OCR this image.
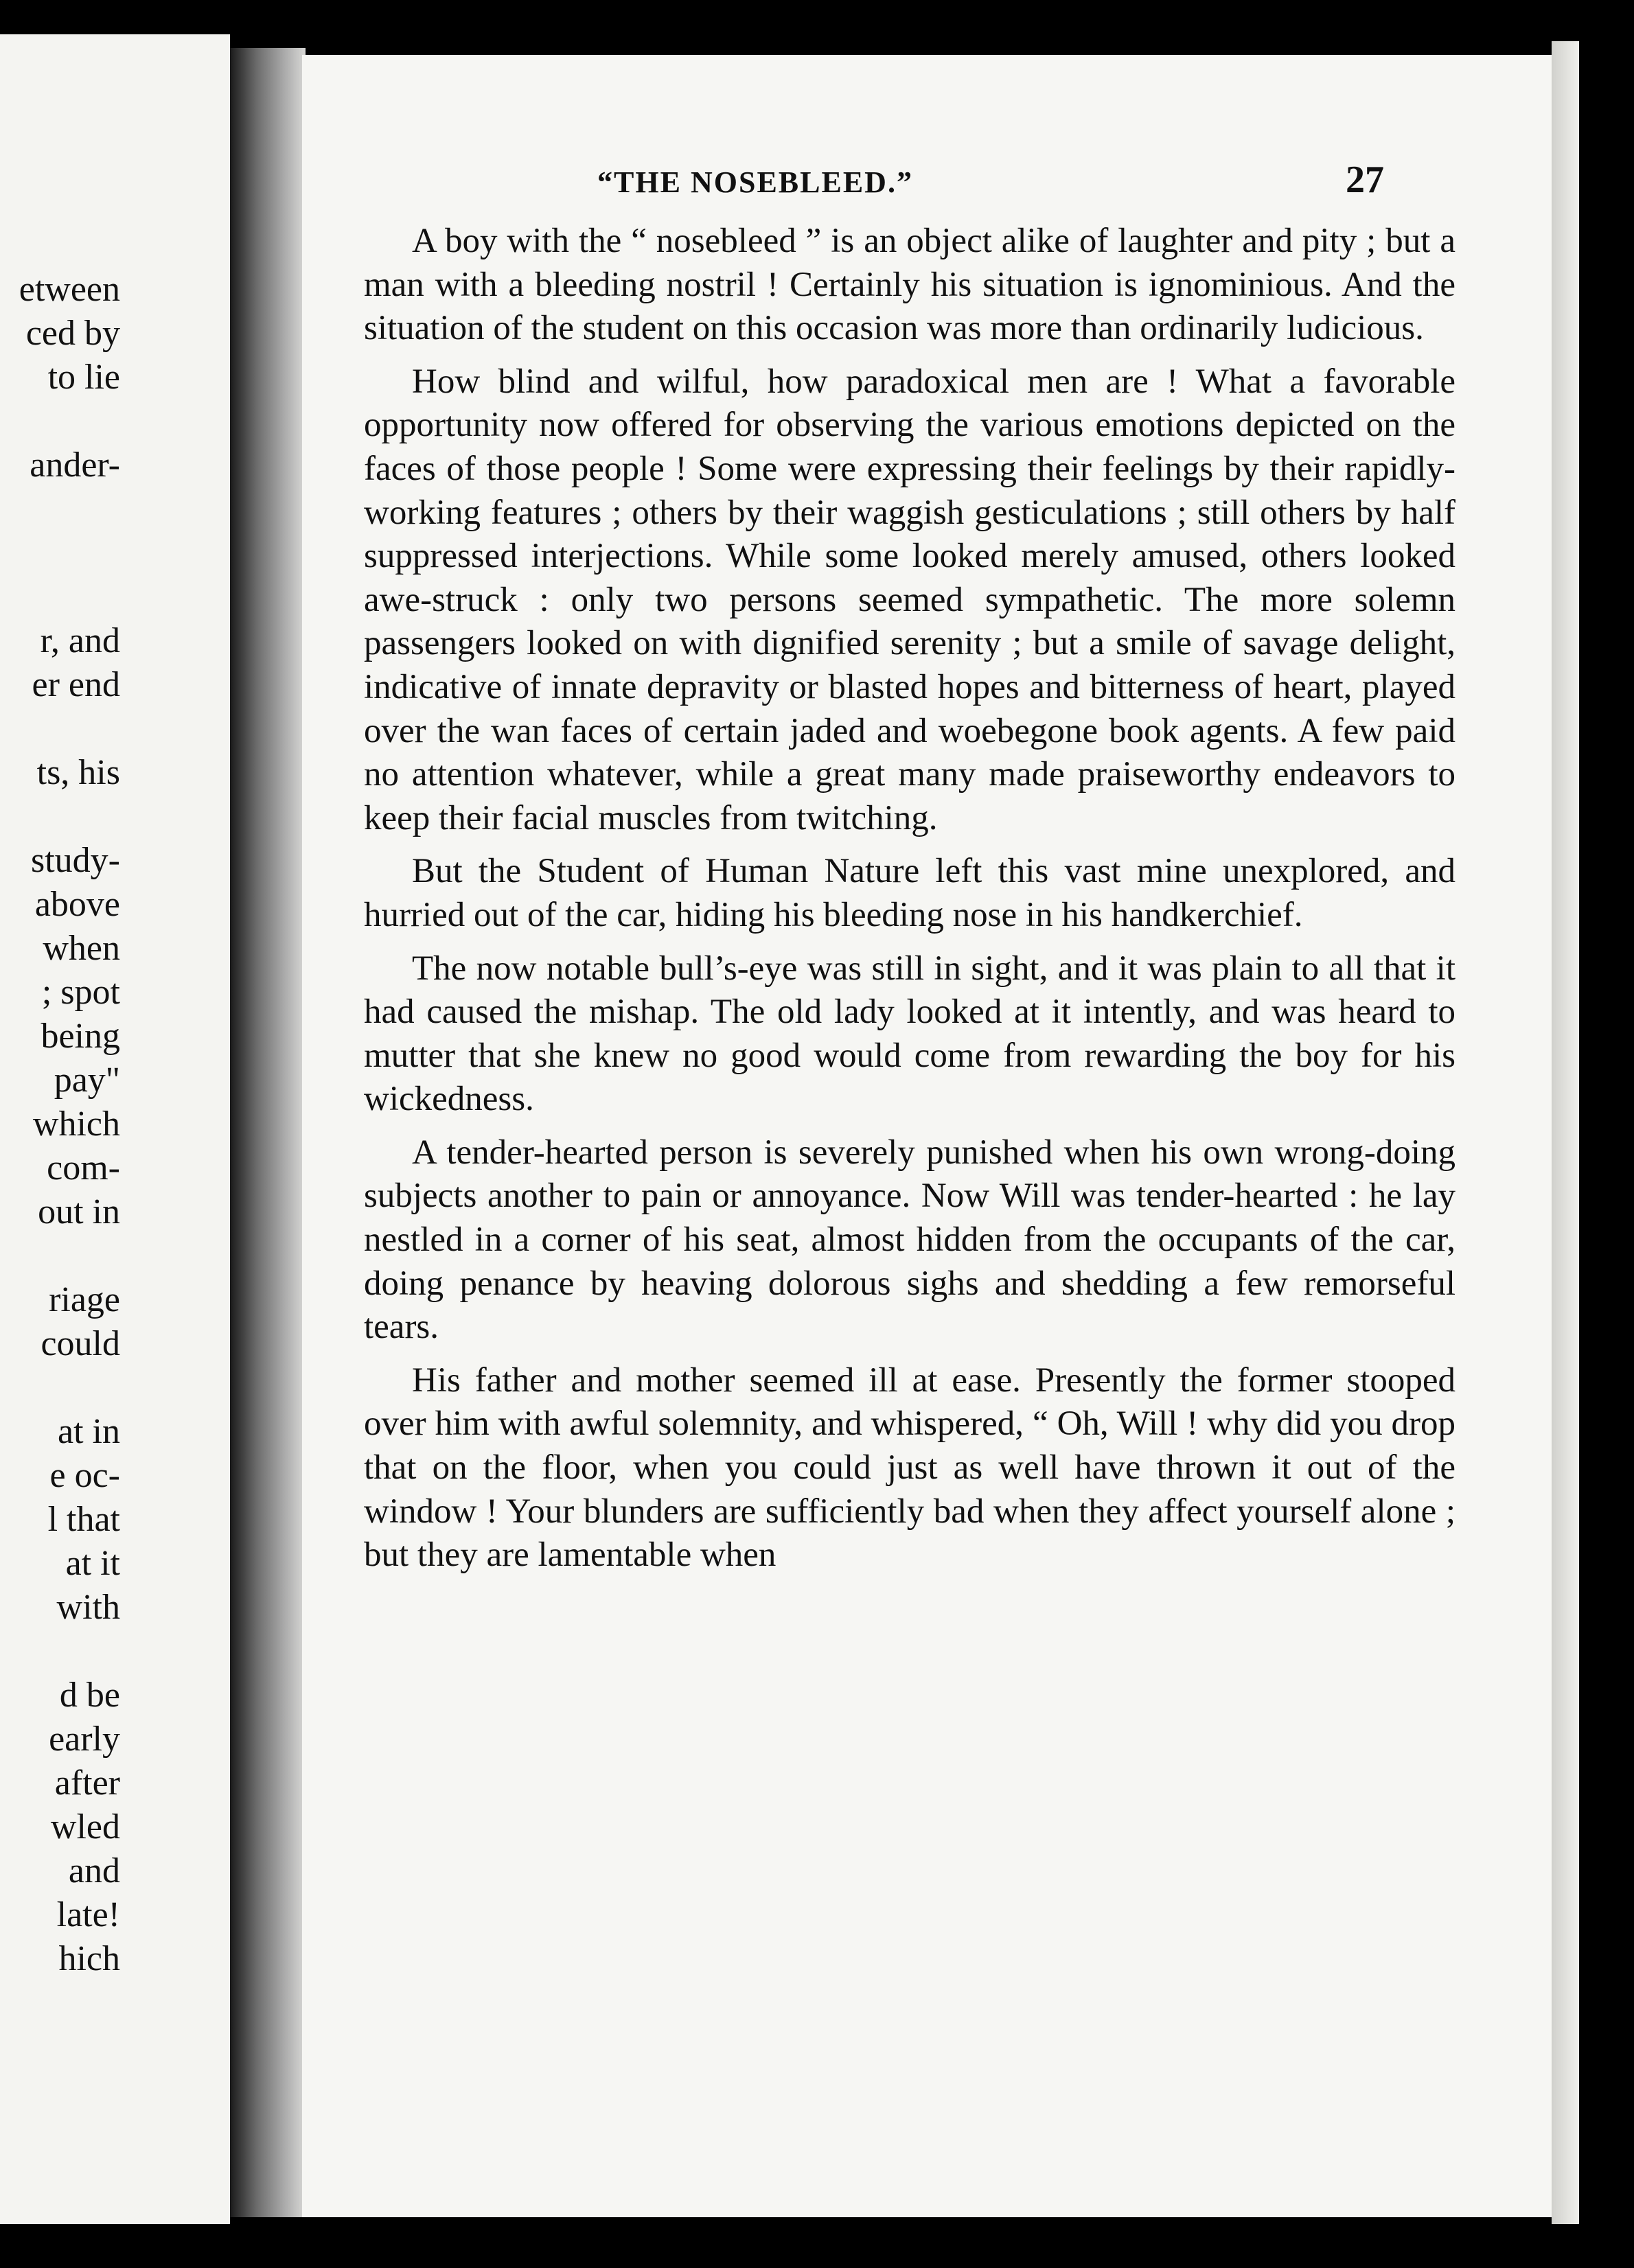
etween
ced by
to lie
ander-
r, and
er end
ts, his
study-
above
when
; spot
being
pay"
which
com-
out in
riage
could
at in
e oc-
l that
at it
with
d be
early
after
wled
and
late!
hich
“THE NOSEBLEED.”	27

A boy with the “ nosebleed ” is an object alike of laughter and pity ; but a man with a bleeding nostril ! Certainly his situation is ignominious. And the situation of the student on this occasion was more than ordinarily ludicious.

How blind and wilful, how paradoxical men are ! What a favorable opportunity now offered for observing the various emotions depicted on the faces of those people ! Some were expressing their feelings by their rapidly-working features ; others by their waggish gesticulations ; still others by half suppressed interjections. While some looked merely amused, others looked awe-struck : only two persons seemed sympathetic. The more solemn passengers looked on with dignified serenity ; but a smile of savage delight, indicative of innate depravity or blasted hopes and bitterness of heart, played over the wan faces of certain jaded and woebegone book agents. A few paid no attention whatever, while a great many made praiseworthy endeavors to keep their facial muscles from twitching.

But the Student of Human Nature left this vast mine unexplored, and hurried out of the car, hiding his bleeding nose in his handkerchief.

The now notable bull’s-eye was still in sight, and it was plain to all that it had caused the mishap. The old lady looked at it intently, and was heard to mutter that she knew no good would come from rewarding the boy for his wickedness.

A tender-hearted person is severely punished when his own wrong-doing subjects another to pain or annoyance. Now Will was tender-hearted : he lay nestled in a corner of his seat, almost hidden from the occupants of the car, doing penance by heaving dolorous sighs and shedding a few remorseful tears.

His father and mother seemed ill at ease. Presently the former stooped over him with awful solemnity, and whispered, “ Oh, Will ! why did you drop that on the floor, when you could just as well have thrown it out of the window ! Your blunders are sufficiently bad when they affect yourself alone ; but they are lamentable when
